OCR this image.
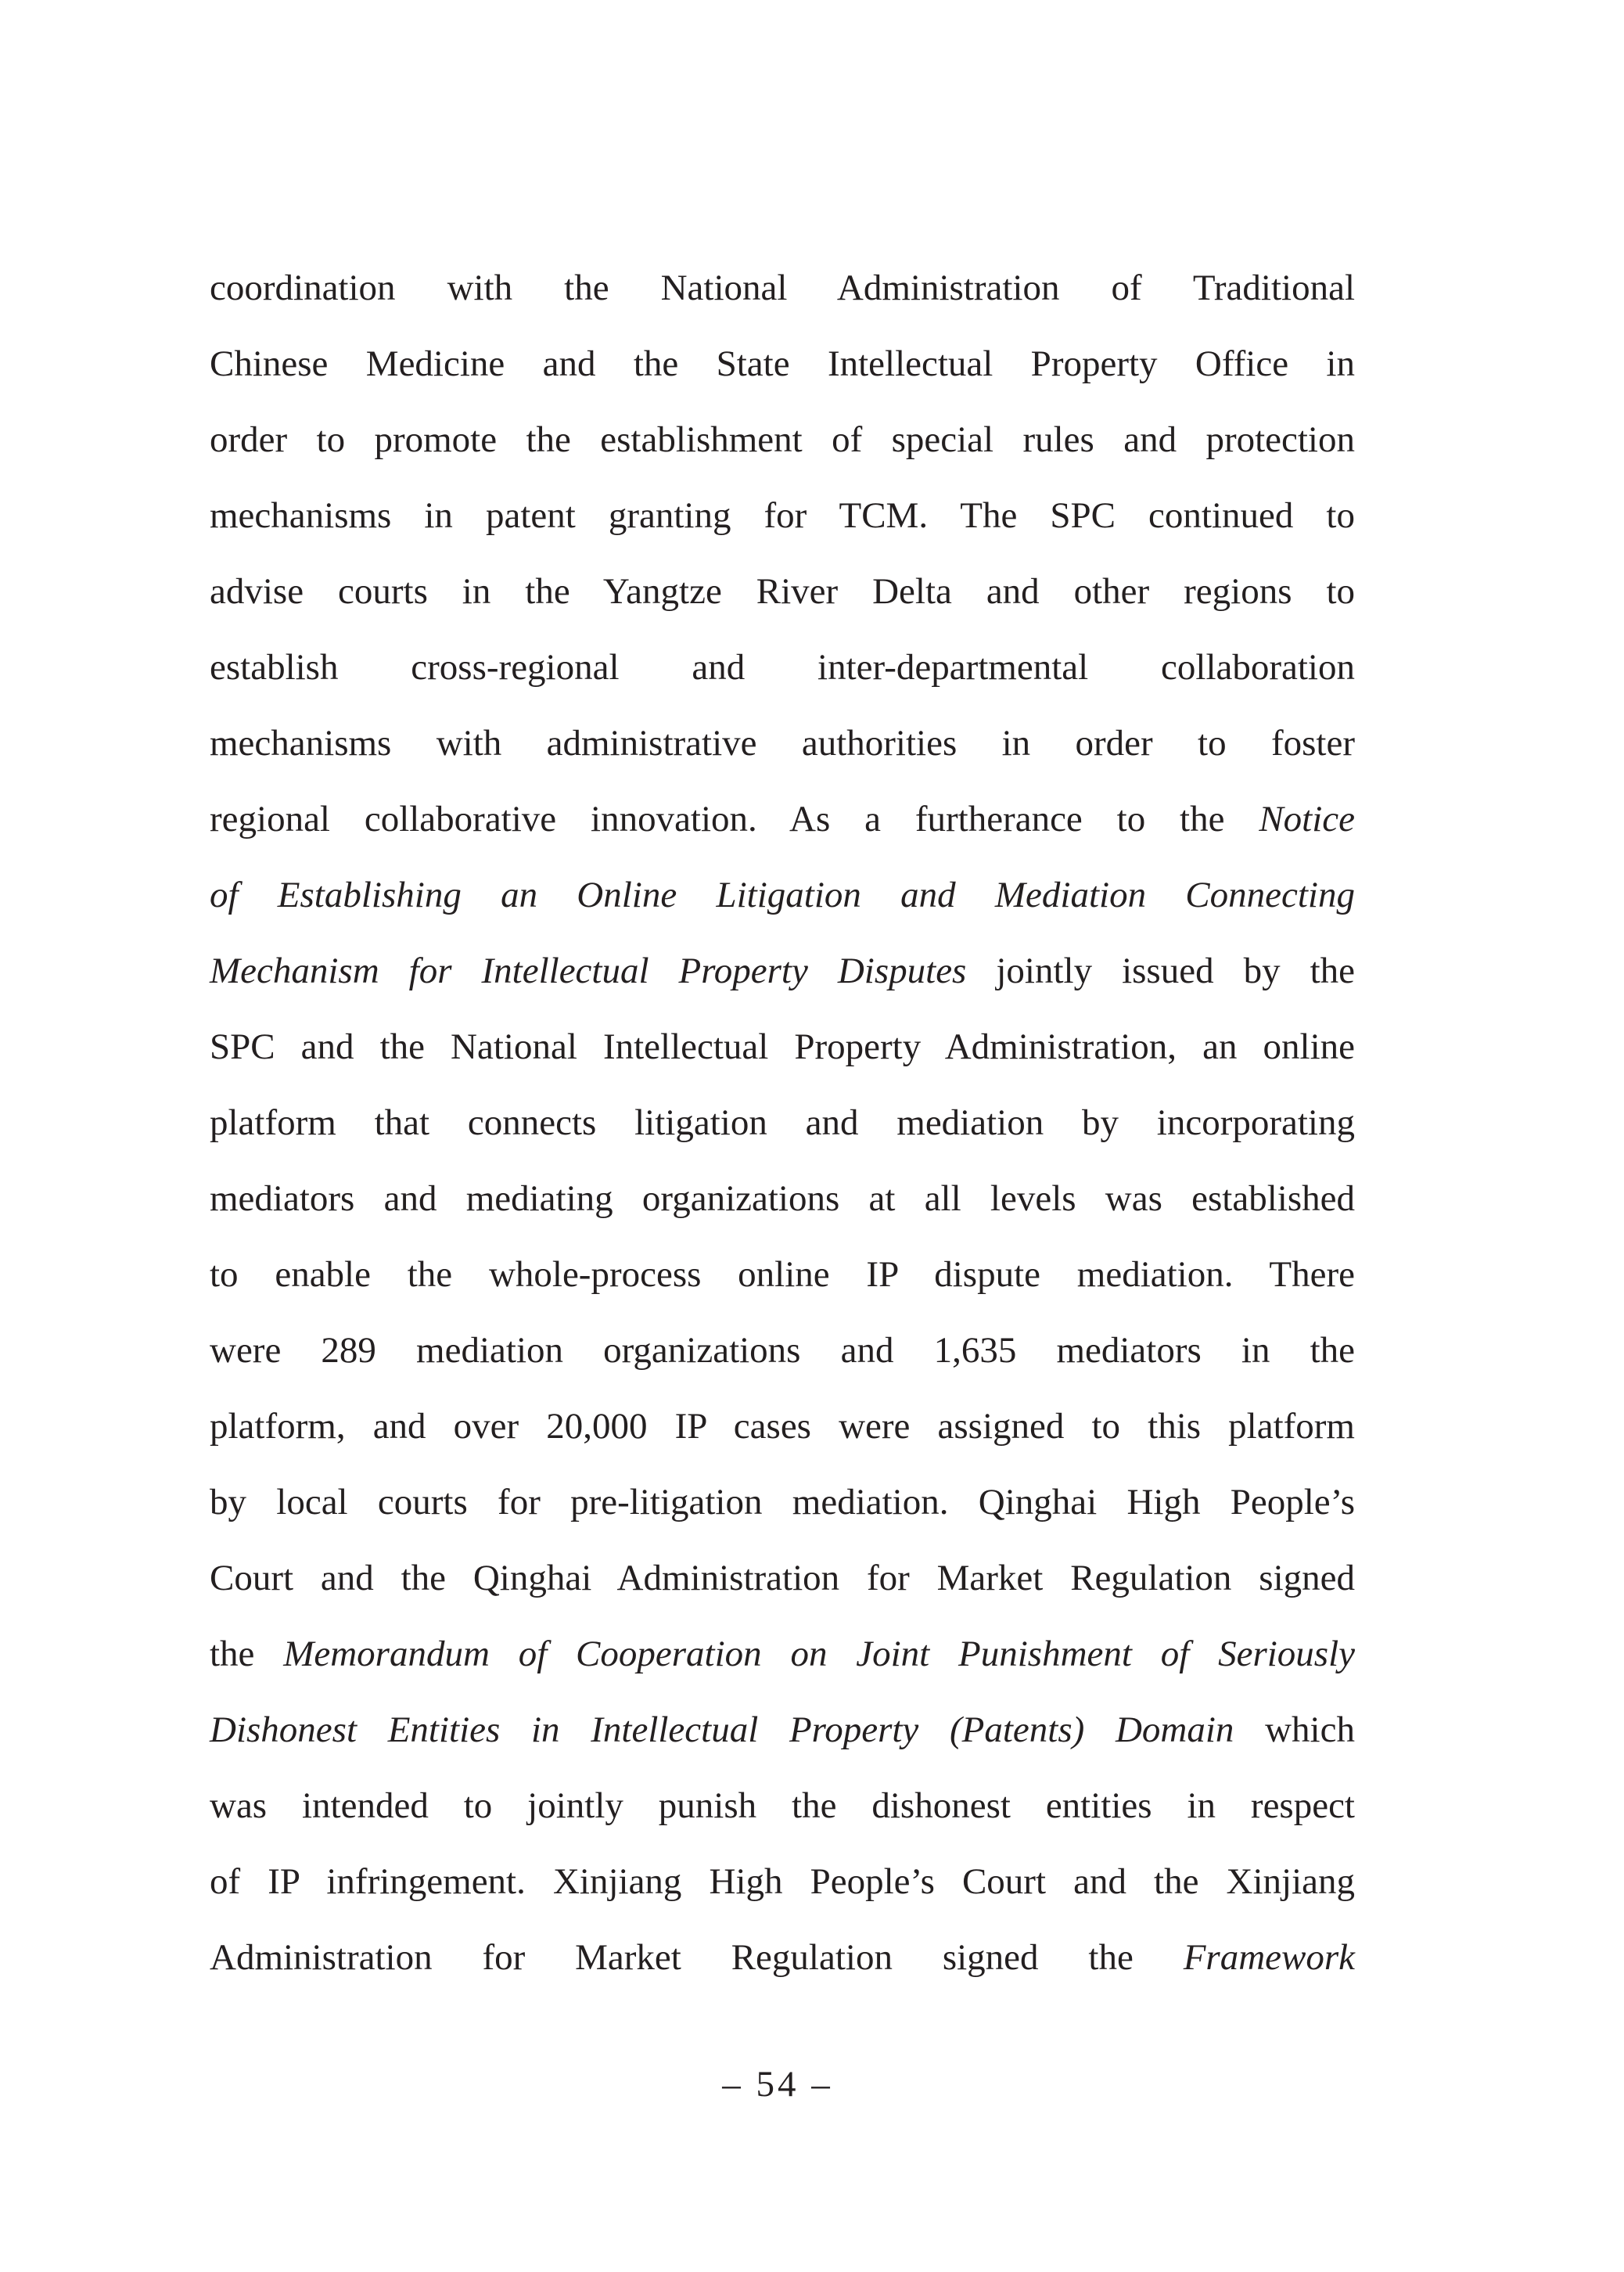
coordination with the National Administration of Traditional
Chinese Medicine and the State Intellectual Property Office in
order to promote the establishment of special rules and protection
mechanisms in patent granting for TCM. The SPC continued to
advise courts in the Yangtze River Delta and other regions to
establish cross-regional and inter-departmental collaboration
mechanisms with administrative authorities in order to foster
regional collaborative innovation. As a furtherance to the Notice
of Establishing an Online Litigation and Mediation Connecting
Mechanism for Intellectual Property Disputes jointly issued by the
SPC and the National Intellectual Property Administration, an online
platform that connects litigation and mediation by incorporating
mediators and mediating organizations at all levels was established
to enable the whole-process online IP dispute mediation. There
were 289 mediation organizations and 1,635 mediators in the
platform, and over 20,000 IP cases were assigned to this platform
by local courts for pre-litigation mediation. Qinghai High People’s
Court and the Qinghai Administration for Market Regulation signed
the Memorandum of Cooperation on Joint Punishment of Seriously
Dishonest Entities in Intellectual Property (Patents) Domain which
was intended to jointly punish the dishonest entities in respect
of IP infringement. Xinjiang High People’s Court and the Xinjiang
Administration for Market Regulation signed the Framework
– 54 –
